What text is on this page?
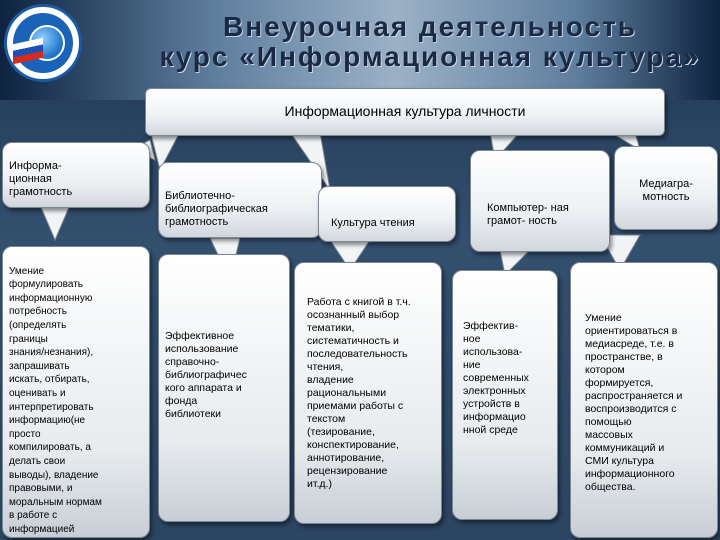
Внеурочная деятельность
курс «Информационная культура»
Информационная культура личности

Информа-
ционная
грамотность	Библиотечно-
библиографическая
грамотность	Культура чтения

Компьютер- ная
грамот- ность

Медиагра-
мотность

Умение
формулировать
информационную
потребность
(определять
границы
знания/незнания),
запрашивать
искать, отбирать,
оценивать и
интерпретировать
информацию(не
просто
компилировать, а
делать свои
выводы), владение
правовыми, и
моральным нормам
в работе с
информацией

Эффективное
использование
справочно-
библиографичес
кого аппарата и
фонда
библиотеки

Работа с книгой в т.ч.
осознанный выбор
тематики,
систематичность и
последовательность
чтения,
владение
рациональными
приемами работы с
текстом
(тезирование,
конспектирование,
аннотирование,
рецензирование
ит.д.)

Эффектив-
ное
использова-
ние
современных
электронных
устройств в
информацио
нной среде

Умение
ориентироваться в
медиасреде, т.е. в
пространстве, в
котором
формируется,
распространяется и
воспроизводится с
помощью
массовых
коммуникаций и
СМИ культура
информационного
общества.
